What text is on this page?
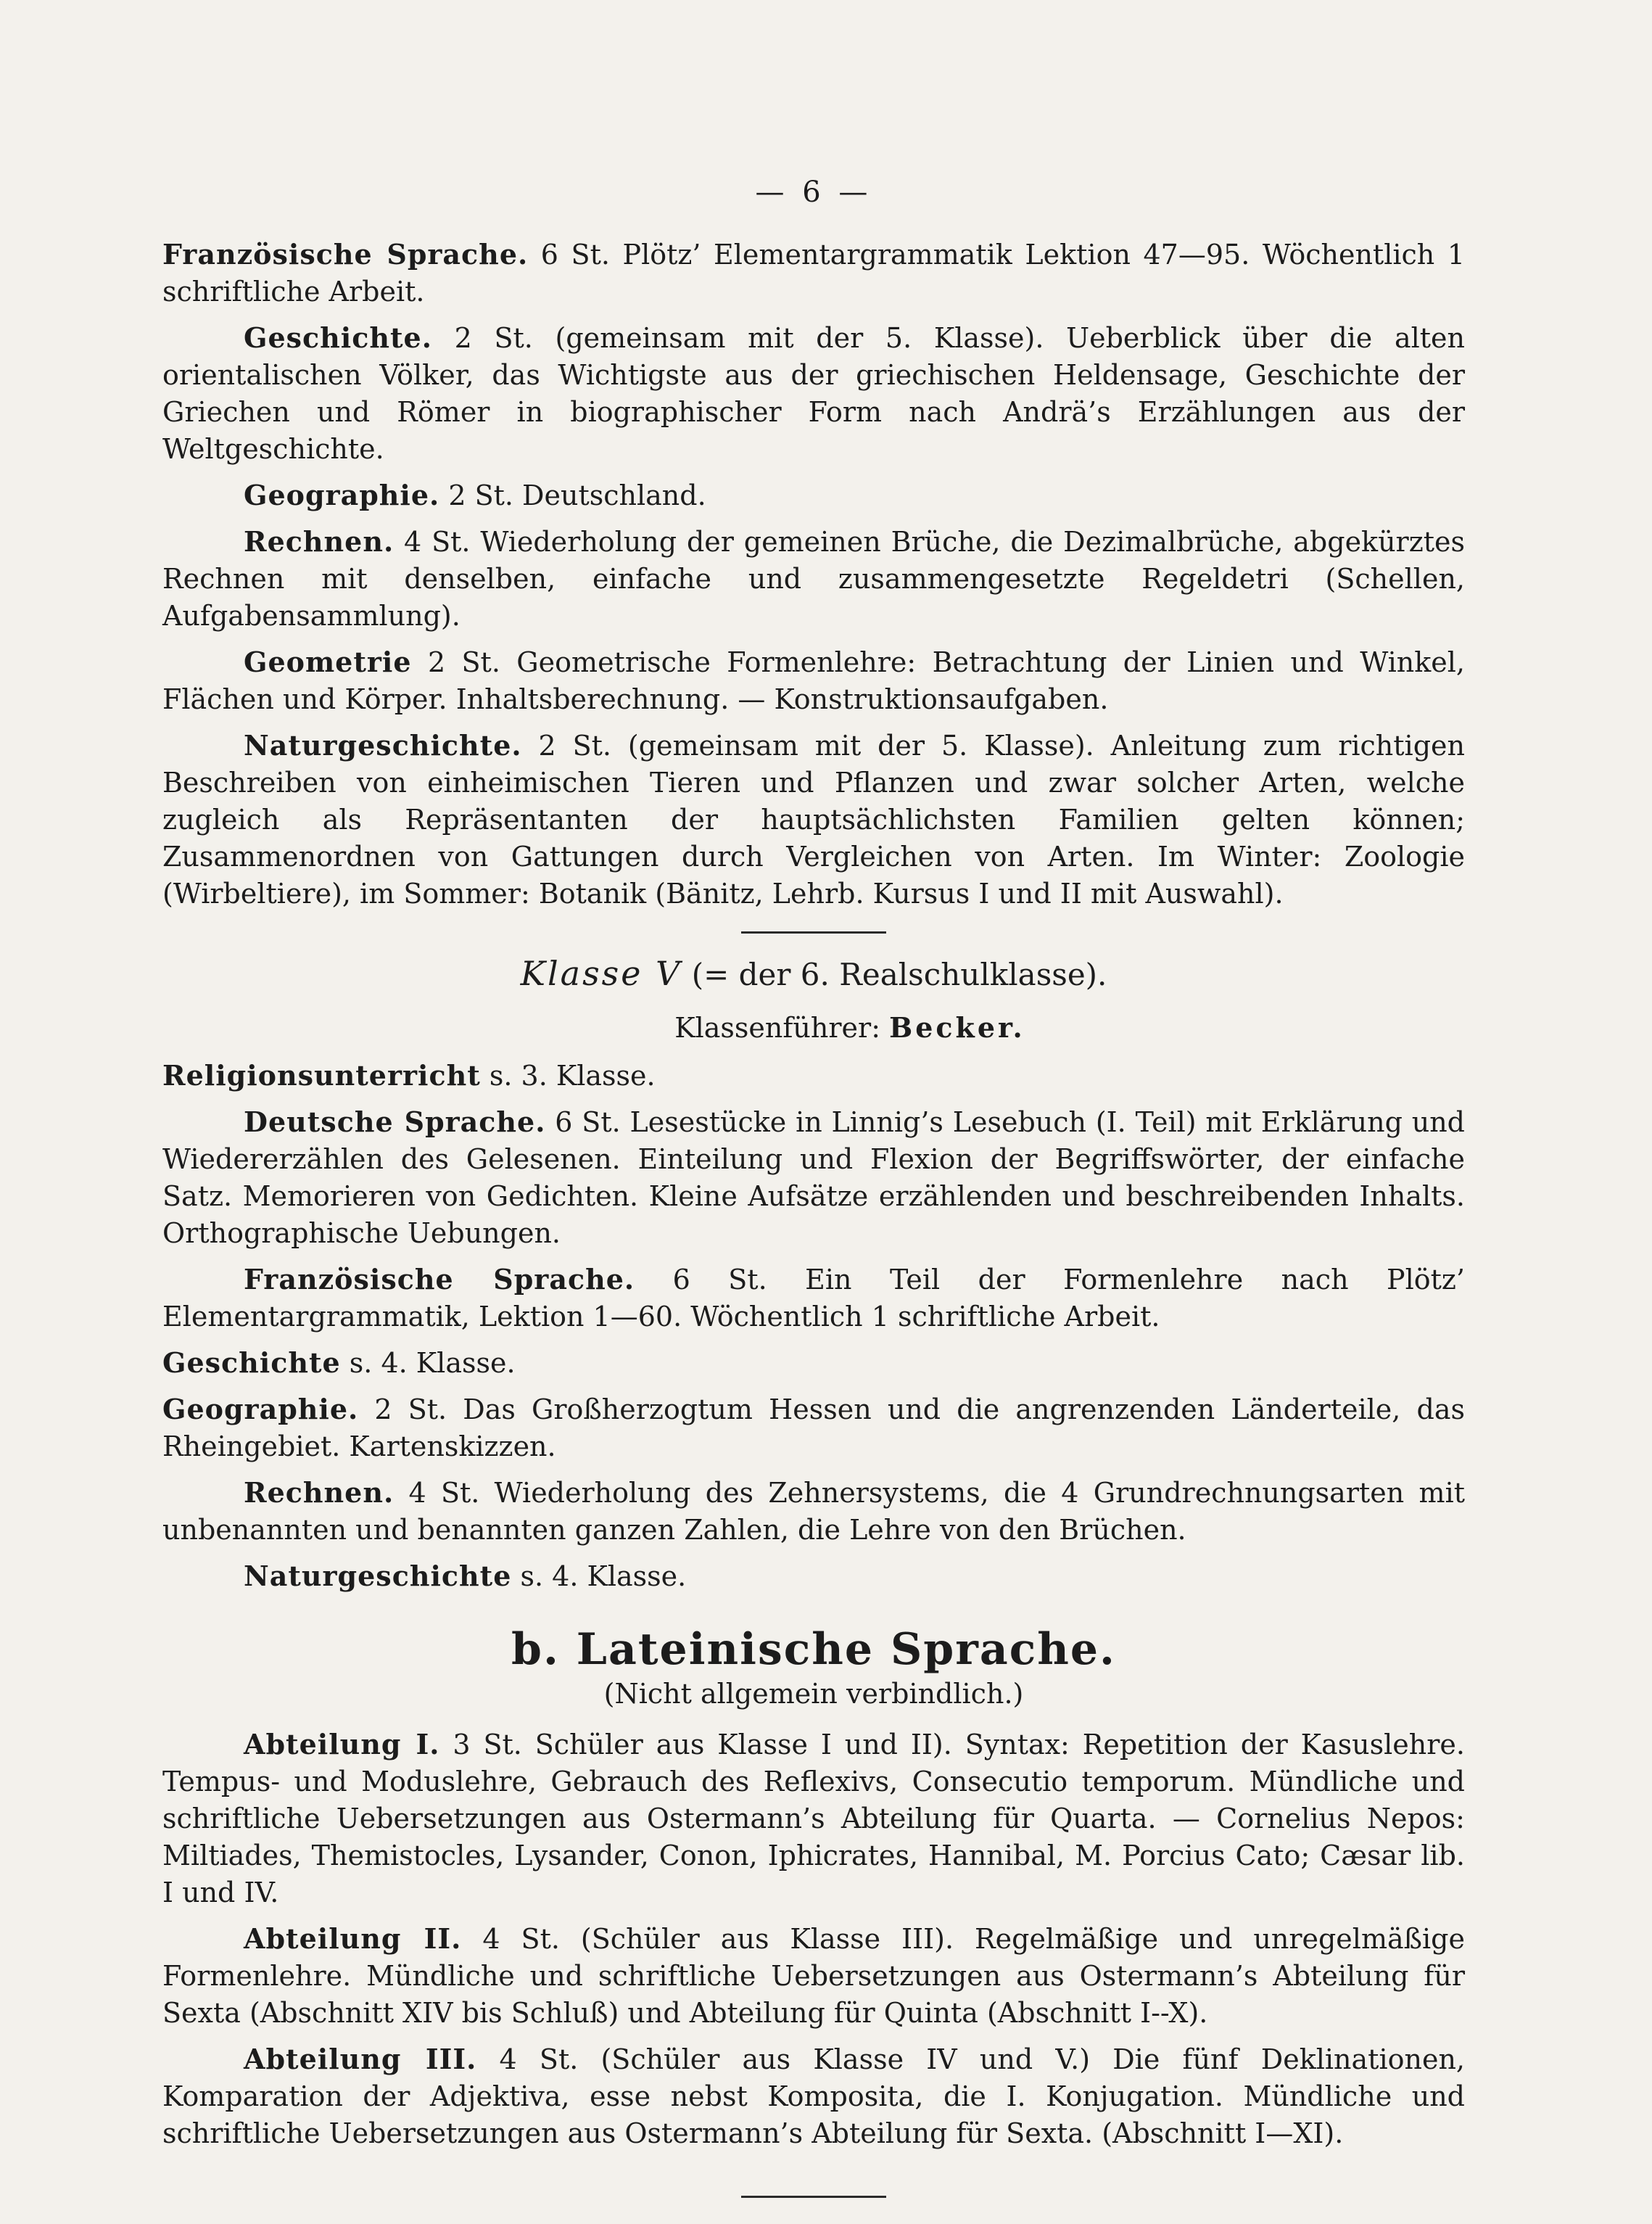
— 6 —

Französische Sprache. 6 St. Plötz’ Elementargrammatik Lektion 47—95. Wöchentlich 1 schriftliche Arbeit.

Geschichte. 2 St. (gemeinsam mit der 5. Klasse). Ueberblick über die alten orientalischen Völker, das Wichtigste aus der griechischen Heldensage, Geschichte der Griechen und Römer in biographischer Form nach Andrä’s Erzählungen aus der Weltgeschichte.

Geographie. 2 St. Deutschland.

Rechnen. 4 St. Wiederholung der gemeinen Brüche, die Dezimalbrüche, abgekürztes Rechnen mit denselben, einfache und zusammengesetzte Regeldetri (Schellen, Aufgabensammlung).

Geometrie 2 St. Geometrische Formenlehre: Betrachtung der Linien und Winkel, Flächen und Körper. Inhaltsberechnung. — Konstruktionsaufgaben.

Naturgeschichte. 2 St. (gemeinsam mit der 5. Klasse). Anleitung zum richtigen Beschreiben von einheimischen Tieren und Pflanzen und zwar solcher Arten, welche zugleich als Repräsentanten der hauptsächlichsten Familien gelten können; Zusammenordnen von Gattungen durch Vergleichen von Arten. Im Winter: Zoologie (Wirbeltiere), im Sommer: Botanik (Bänitz, Lehrb. Kursus I und II mit Auswahl).

Klasse V (= der 6. Realschulklasse).
Klassenführer: Becker.

Religionsunterricht s. 3. Klasse.

Deutsche Sprache. 6 St. Lesestücke in Linnig’s Lesebuch (I. Teil) mit Erklärung und Wiedererzählen des Gelesenen. Einteilung und Flexion der Begriffswörter, der einfache Satz. Memorieren von Gedichten. Kleine Aufsätze erzählenden und beschreibenden Inhalts. Orthographische Uebungen.

Französische Sprache. 6 St. Ein Teil der Formenlehre nach Plötz’ Elementargrammatik, Lektion 1—60. Wöchentlich 1 schriftliche Arbeit.

Geschichte s. 4. Klasse.

Geographie. 2 St. Das Großherzogtum Hessen und die angrenzenden Länderteile, das Rheingebiet. Kartenskizzen.

Rechnen. 4 St. Wiederholung des Zehnersystems, die 4 Grundrechnungsarten mit unbenannten und benannten ganzen Zahlen, die Lehre von den Brüchen.

Naturgeschichte s. 4. Klasse.

b. Lateinische Sprache.
(Nicht allgemein verbindlich.)

Abteilung I. 3 St. Schüler aus Klasse I und II). Syntax: Repetition der Kasuslehre. Tempus- und Moduslehre, Gebrauch des Reflexivs, Consecutio temporum. Mündliche und schriftliche Uebersetzungen aus Ostermann’s Abteilung für Quarta. — Cornelius Nepos: Miltiades, Themistocles, Lysander, Conon, Iphicrates, Hannibal, M. Porcius Cato; Cæsar lib. I und IV.

Abteilung II. 4 St. (Schüler aus Klasse III). Regelmäßige und unregelmäßige Formenlehre. Mündliche und schriftliche Uebersetzungen aus Ostermann’s Abteilung für Sexta (Abschnitt XIV bis Schluß) und Abteilung für Quinta (Abschnitt I--X).

Abteilung III. 4 St. (Schüler aus Klasse IV und V.) Die fünf Deklinationen, Komparation der Adjektiva, esse nebst Komposita, die I. Konjugation. Mündliche und schriftliche Uebersetzungen aus Ostermann’s Abteilung für Sexta. (Abschnitt I—XI).
